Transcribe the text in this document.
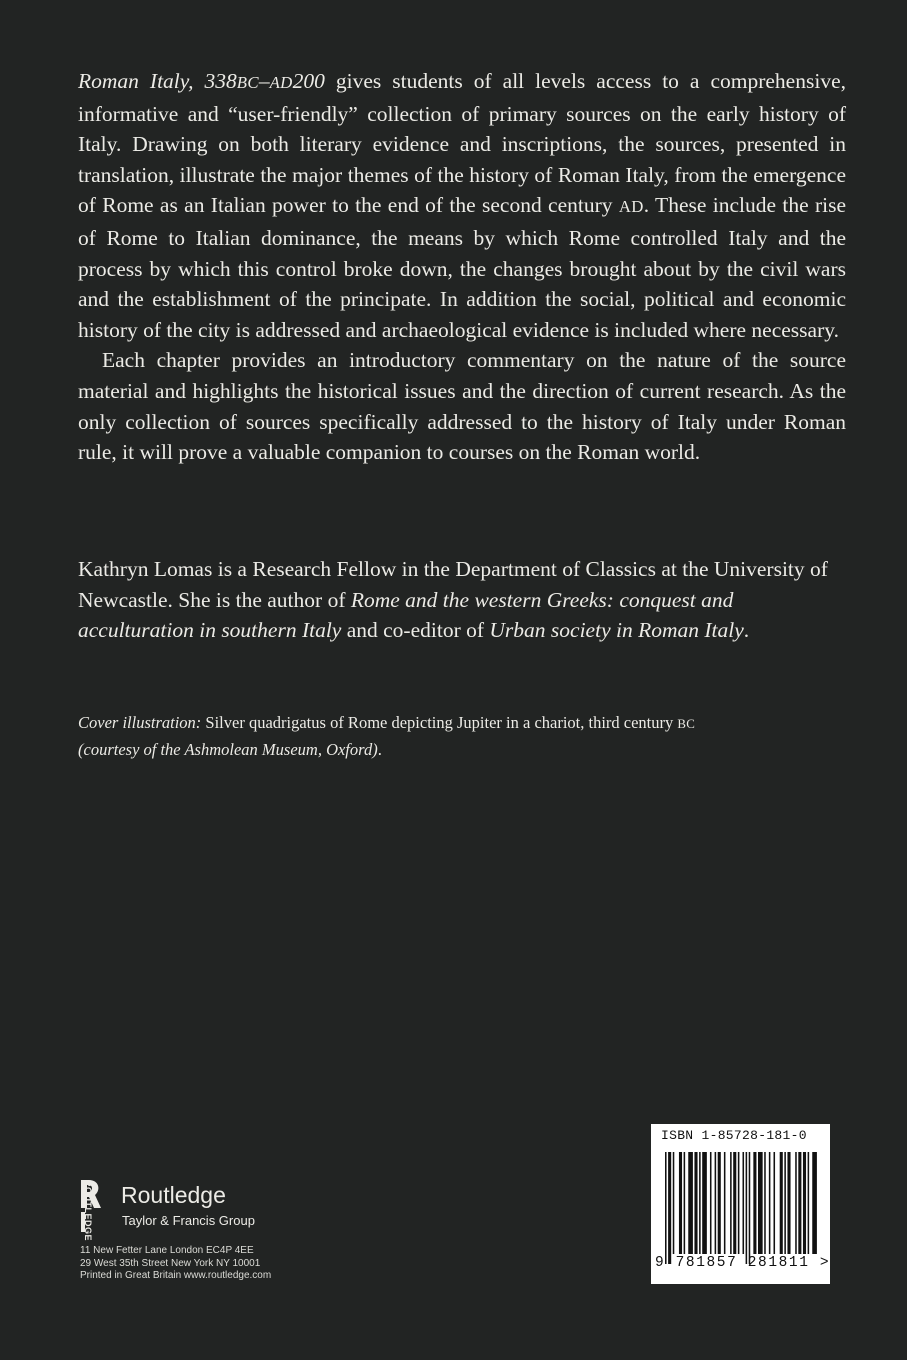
Roman Italy, 338BC–AD200 gives students of all levels access to a comprehensive, informative and “user-friendly” collection of primary sources on the early history of Italy. Drawing on both literary evidence and inscriptions, the sources, presented in translation, illustrate the major themes of the history of Roman Italy, from the emergence of Rome as an Italian power to the end of the second century AD. These include the rise of Rome to Italian dominance, the means by which Rome controlled Italy and the process by which this control broke down, the changes brought about by the civil wars and the establishment of the principate. In addition the social, political and economic history of the city is addressed and archaeological evidence is included where necessary.

Each chapter provides an introductory commentary on the nature of the source material and highlights the historical issues and the direction of current research. As the only collection of sources specifically addressed to the history of Italy under Roman rule, it will prove a valuable companion to courses on the Roman world.

Kathryn Lomas is a Research Fellow in the Department of Classics at the University of Newcastle. She is the author of Rome and the western Greeks: conquest and acculturation in southern Italy and co-editor of Urban society in Roman Italy.

Cover illustration: Silver quadrigatus of Rome depicting Jupiter in a chariot, third century BC
(courtesy of the Ashmolean Museum, Oxford).

ROUTLEDGE Routledge
Taylor & Francis Group
11 New Fetter Lane London EC4P 4EE
29 West 35th Street New York NY 10001
Printed in Great Britain www.routledge.com
ISBN 1-85728-181-0
9 781857 281811 >
